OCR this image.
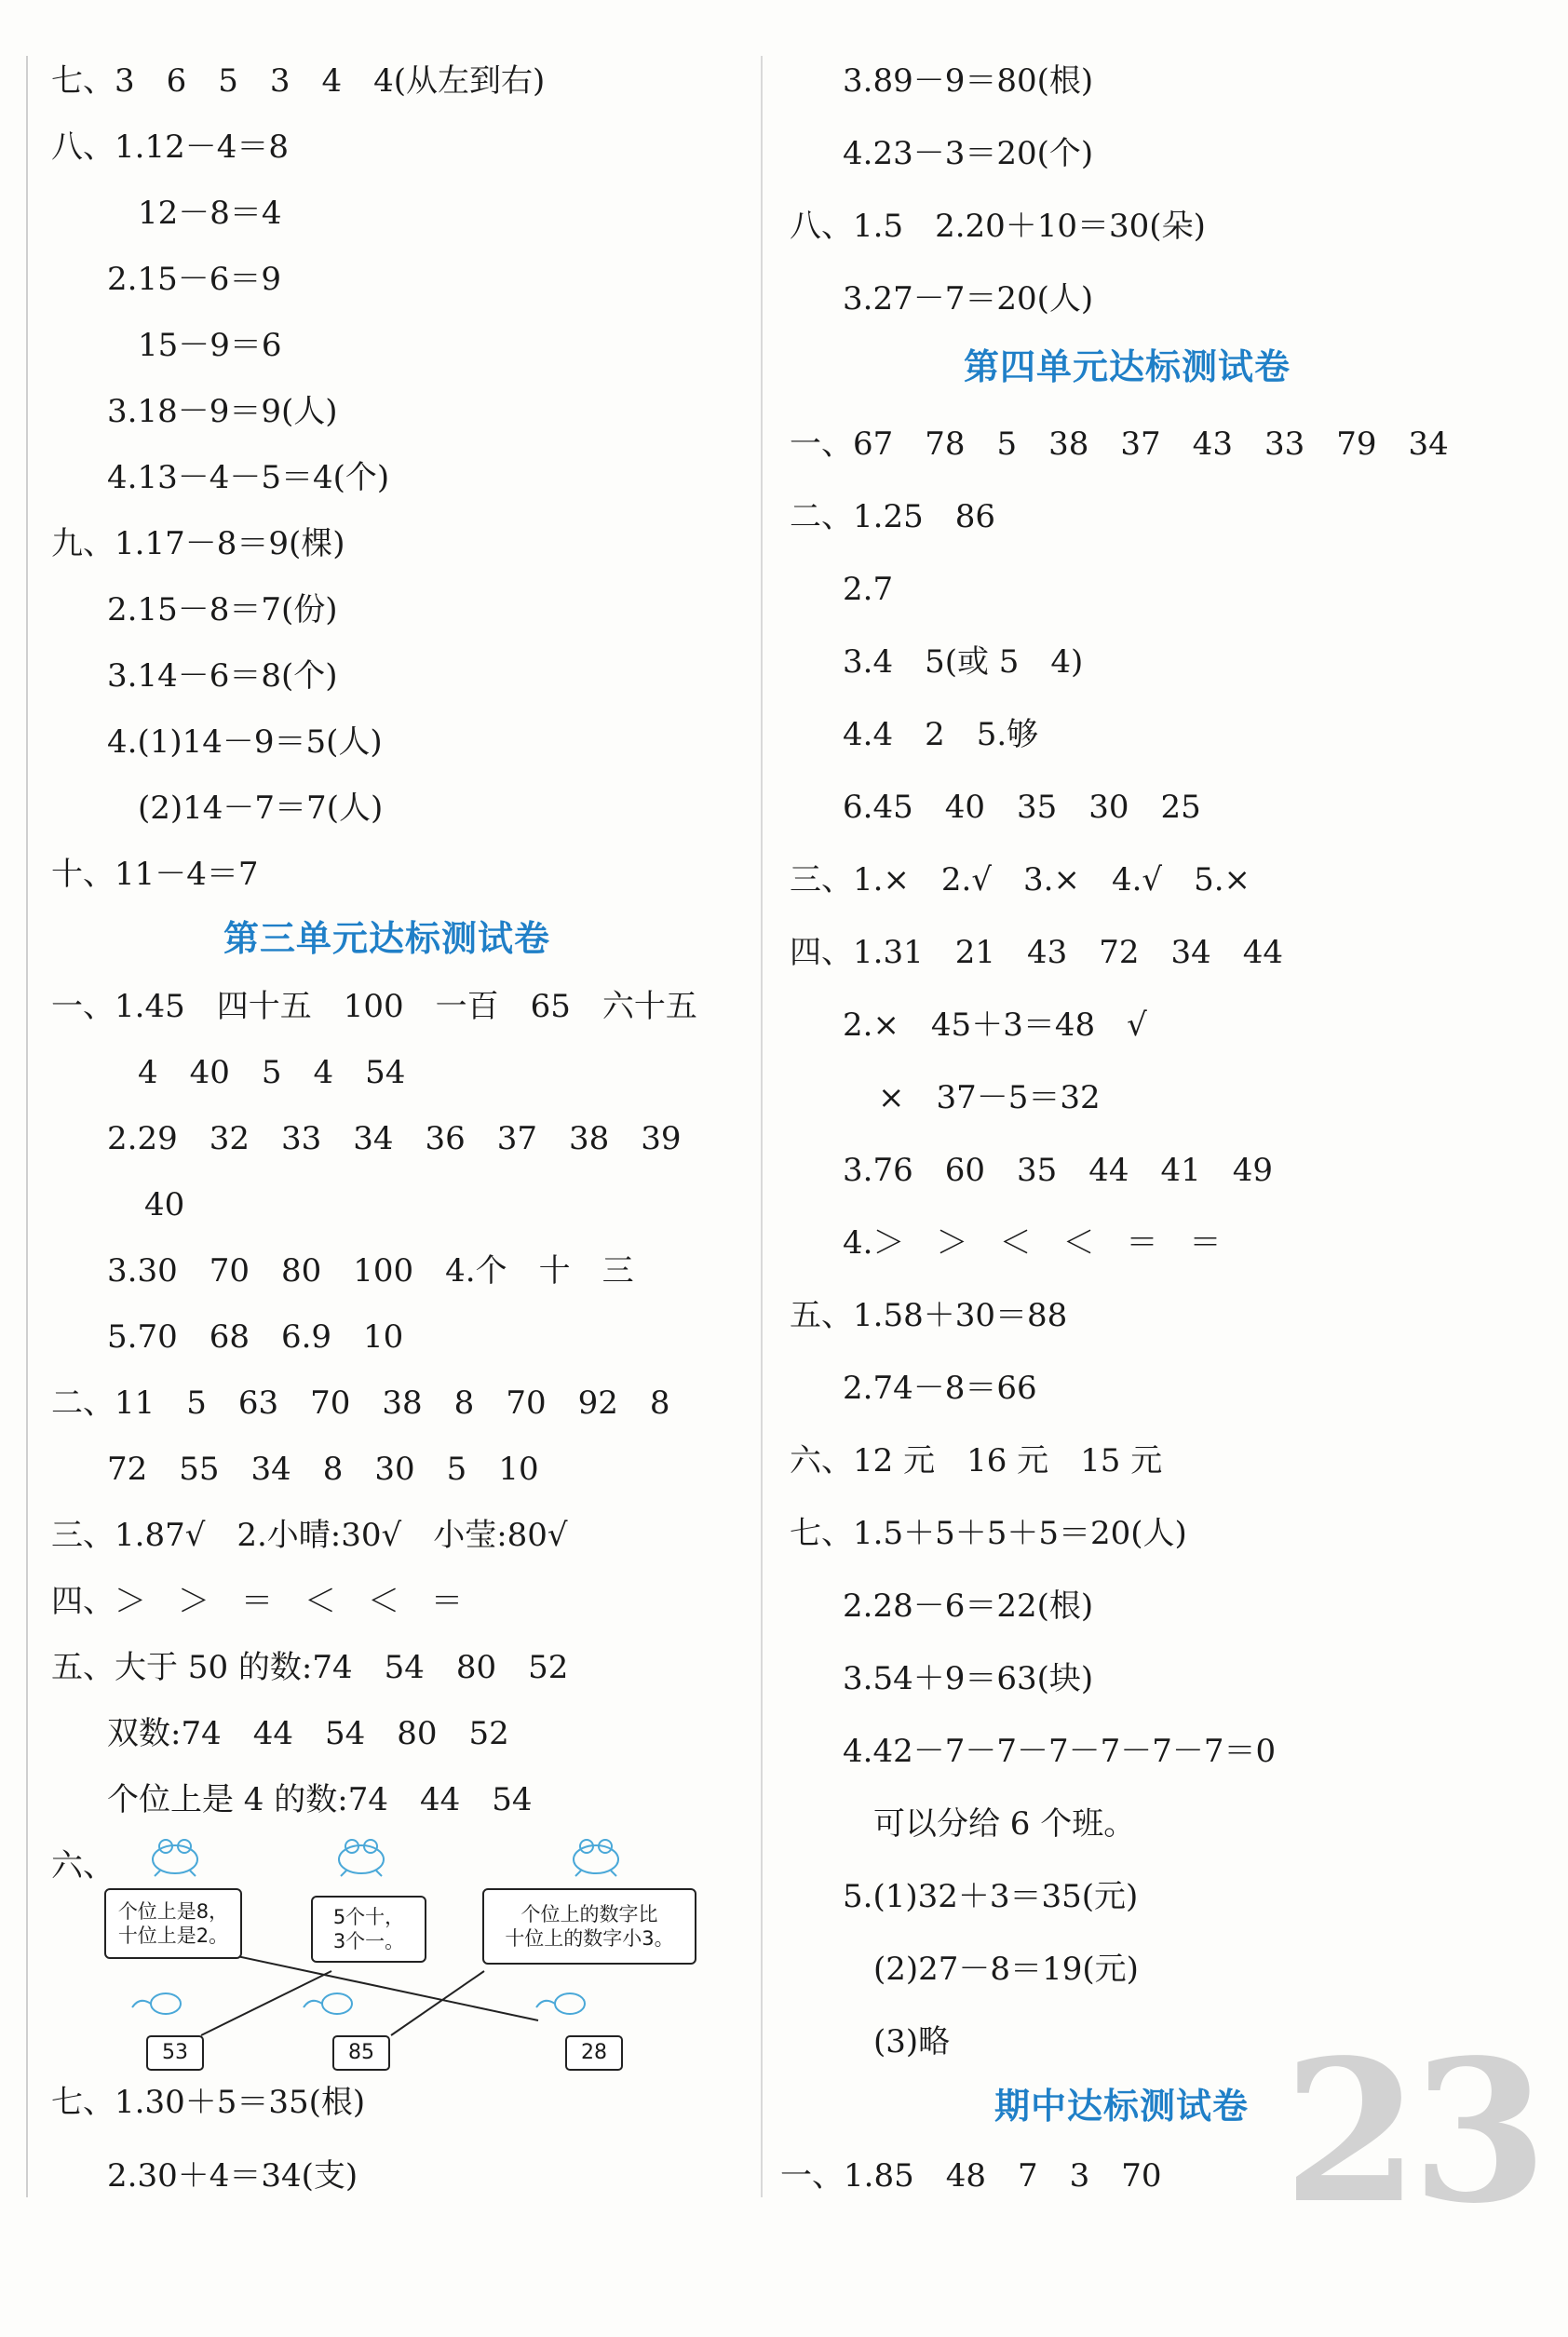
七、3　6　5　3　4　4(从左到右)
八、1.12－4＝8
12－8＝4
2.15－6＝9
15－9＝6
3.18－9＝9(人)
4.13－4－5＝4(个)
九、1.17－8＝9(棵)
2.15－8＝7(份)
3.14－6＝8(个)
4.(1)14－9＝5(人)
(2)14－7＝7(人)
十、11－4＝7
第三单元达标测试卷
一、1.45　四十五　100　一百　65　六十五
4　40　5　4　54
2.29　32　33　34　36　37　38　39
40
3.30　70　80　100　4.个　十　三
5.70　68　6.9　10
二、11　5　63　70　38　8　70　92　8
72　55　34　8　30　5　10
三、1.87√　2.小晴:30√　小莹:80√
四、＞　＞　＝　＜　＜　＝
五、大于 50 的数:74　54　80　52
双数:74　44　54　80　52
个位上是 4 的数:74　44　54
六、
七、1.30＋5＝35(根)
2.30＋4＝34(支)
3.89－9＝80(根)
4.23－3＝20(个)
八、1.5　2.20＋10＝30(朵)
3.27－7＝20(人)
第四单元达标测试卷
一、67　78　5　38　37　43　33　79　34
二、1.25　86
2.7
3.4　5(或 5　4)
4.4　2　5.够
6.45　40　35　30　25
三、1.×　2.√　3.×　4.√　5.×
四、1.31　21　43　72　34　44
2.×　45＋3＝48　√
×　37－5＝32
3.76　60　35　44　41　49
4.＞　＞　＜　＜　＝　＝
五、1.58＋30＝88
2.74－8＝66
六、12 元　16 元　15 元
七、1.5＋5＋5＋5＝20(人)
2.28－6＝22(根)
3.54＋9＝63(块)
4.42－7－7－7－7－7－7＝0
可以分给 6 个班。
5.(1)32＋3＝35(元)
(2)27－8＝19(元)
(3)略
期中达标测试卷
一、1.85　48　7　3　70
个位上是8，
十位上是2。
5个十，
3个一。
个位上的数字比
十位上的数字小3。
53	85	28	23
